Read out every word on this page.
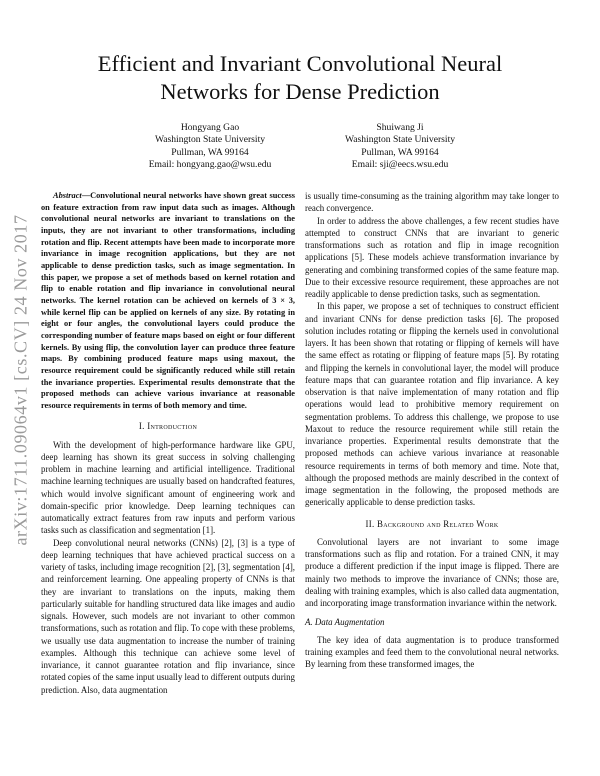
arXiv:1711.09064v1 [cs.CV] 24 Nov 2017
Efficient and Invariant Convolutional Neural
Networks for Dense Prediction
Hongyang Gao
Washington State University
Pullman, WA 99164
Email: hongyang.gao@wsu.edu
Shuiwang Ji
Washington State University
Pullman, WA 99164
Email: sji@eecs.wsu.edu

Abstract—Convolutional neural networks have shown great success on feature extraction from raw input data such as images. Although convolutional neural networks are invariant to translations on the inputs, they are not invariant to other transformations, including rotation and flip. Recent attempts have been made to incorporate more invariance in image recognition applications, but they are not applicable to dense prediction tasks, such as image segmentation. In this paper, we propose a set of methods based on kernel rotation and flip to enable rotation and flip invariance in convolutional neural networks. The kernel rotation can be achieved on kernels of 3 × 3, while kernel flip can be applied on kernels of any size. By rotating in eight or four angles, the convolutional layers could produce the corresponding number of feature maps based on eight or four different kernels. By using flip, the convolution layer can produce three feature maps. By combining produced feature maps using maxout, the resource requirement could be significantly reduced while still retain the invariance properties. Experimental results demonstrate that the proposed methods can achieve various invariance at reasonable resource requirements in terms of both memory and time.

I. Introduction

With the development of high-performance hardware like GPU, deep learning has shown its great success in solving challenging problem in machine learning and artificial intelligence. Traditional machine learning techniques are usually based on handcrafted features, which would involve significant amount of engineering work and domain-specific prior knowledge. Deep learning techniques can automatically extract features from raw inputs and perform various tasks such as classification and segmentation [1].

Deep convolutional neural networks (CNNs) [2], [3] is a type of deep learning techniques that have achieved practical success on a variety of tasks, including image recognition [2], [3], segmentation [4], and reinforcement learning. One appealing property of CNNs is that they are invariant to translations on the inputs, making them particularly suitable for handling structured data like images and audio signals. However, such models are not invariant to other common transformations, such as rotation and flip. To cope with these problems, we usually use data augmentation to increase the number of training examples. Although this technique can achieve some level of invariance, it cannot guarantee rotation and flip invariance, since rotated copies of the same input usually lead to different outputs during prediction. Also, data augmentation

is usually time-consuming as the training algorithm may take longer to reach convergence.

In order to address the above challenges, a few recent studies have attempted to construct CNNs that are invariant to generic transformations such as rotation and flip in image recognition applications [5]. These models achieve transformation invariance by generating and combining transformed copies of the same feature map. Due to their excessive resource requirement, these approaches are not readily applicable to dense prediction tasks, such as segmentation.

In this paper, we propose a set of techniques to construct efficient and invariant CNNs for dense prediction tasks [6]. The proposed solution includes rotating or flipping the kernels used in convolutional layers. It has been shown that rotating or flipping of kernels will have the same effect as rotating or flipping of feature maps [5]. By rotating and flipping the kernels in convolutional layer, the model will produce feature maps that can guarantee rotation and flip invariance. A key observation is that naïve implementation of many rotation and flip operations would lead to prohibitive memory requirement on segmentation problems. To address this challenge, we propose to use Maxout to reduce the resource requirement while still retain the invariance properties. Experimental results demonstrate that the proposed methods can achieve various invariance at reasonable resource requirements in terms of both memory and time. Note that, although the proposed methods are mainly described in the context of image segmentation in the following, the proposed methods are generically applicable to dense prediction tasks.

II. Background and Related Work

Convolutional layers are not invariant to some image transformations such as flip and rotation. For a trained CNN, it may produce a different prediction if the input image is flipped. There are mainly two methods to improve the invariance of CNNs; those are, dealing with training examples, which is also called data augmentation, and incorporating image transformation invariance within the network.

A. Data Augmentation

The key idea of data augmentation is to produce transformed training examples and feed them to the convolutional neural networks. By learning from these transformed images, the
